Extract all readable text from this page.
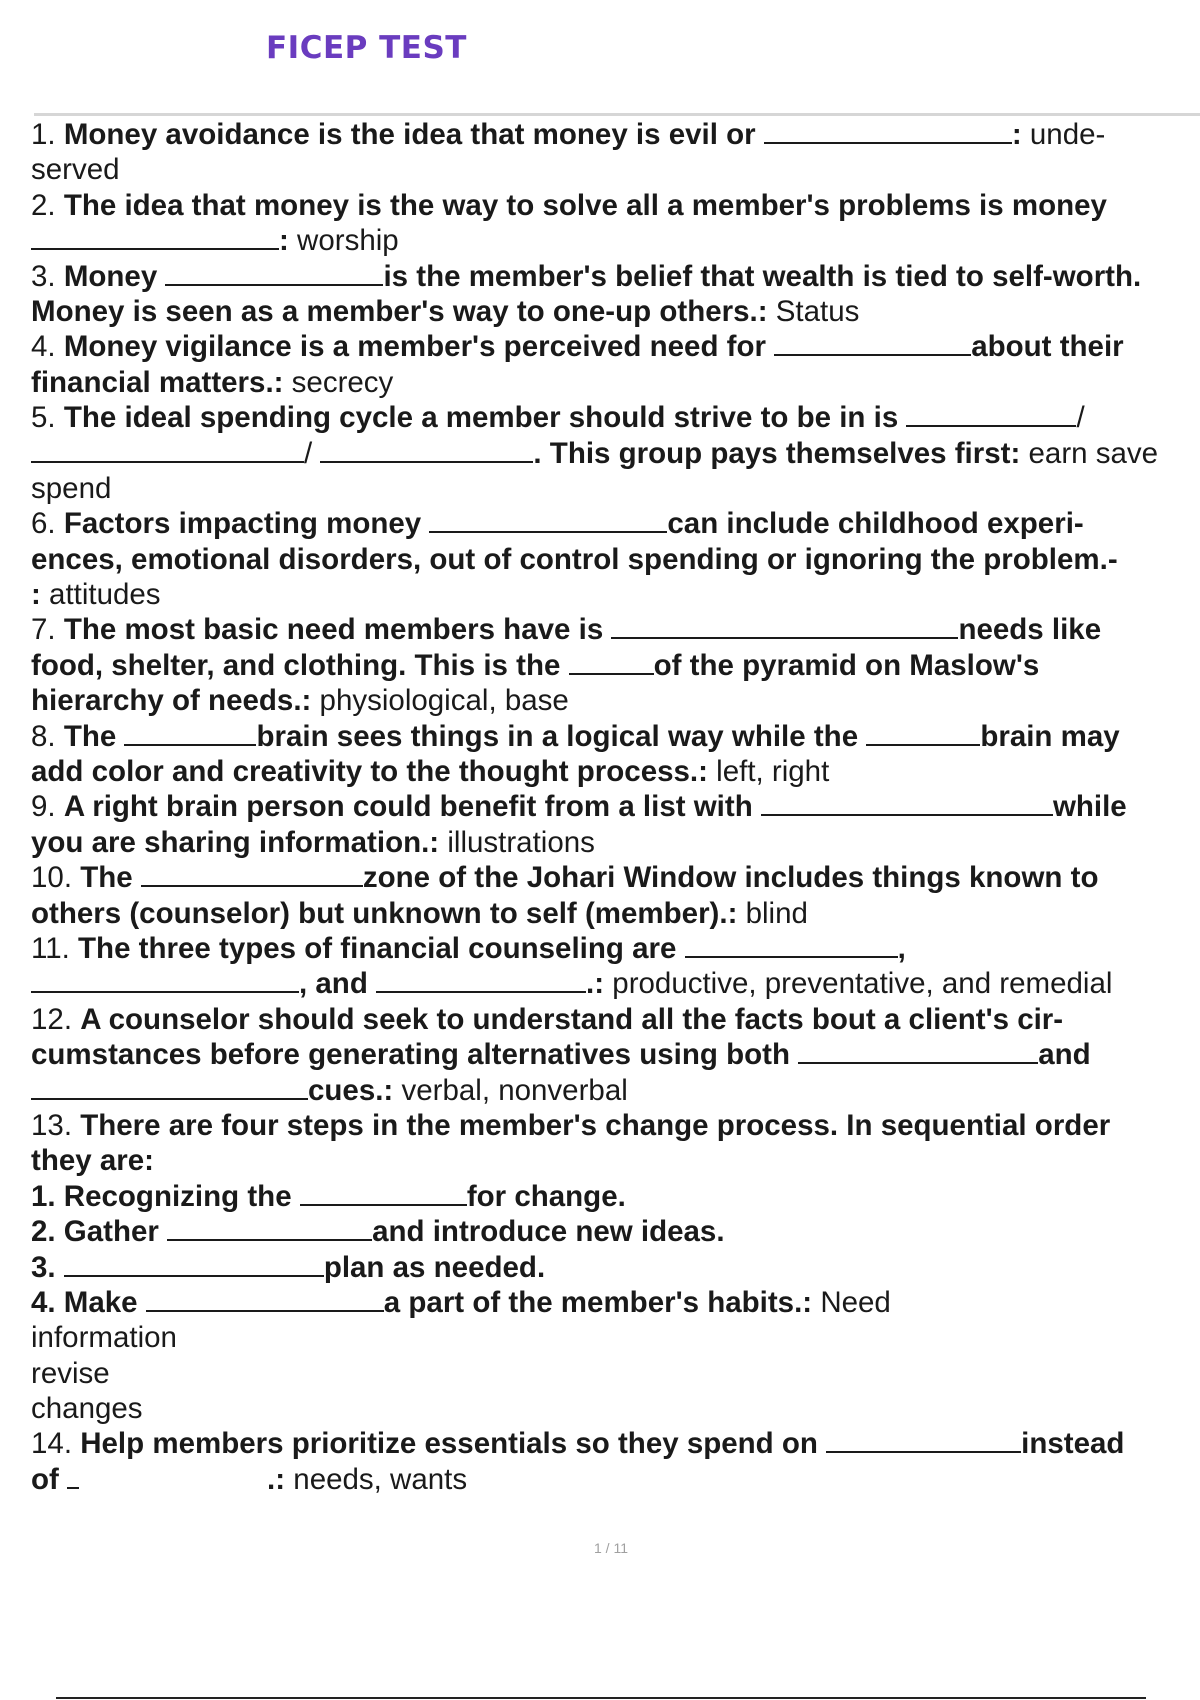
FICEP TEST
1. Money avoidance is the idea that money is evil or	: unde-
served
2. The idea that money is the way to solve all a member's problems is money
: worship
3. Money	is the member's belief that wealth is tied to self-worth.
Money is seen as a member's way to one-up others.: Status
4. Money vigilance is a member's perceived need for	about their
financial matters.: secrecy
5. The ideal spending cycle a member should strive to be in is	/
/	. This group pays themselves first: earn save
spend
6. Factors impacting money	can include childhood experi-
ences, emotional disorders, out of control spending or ignoring the problem.-
: attitudes
7. The most basic need members have is	needs like
food, shelter, and clothing. This is the	of the pyramid on Maslow's
hierarchy of needs.: physiological, base
8. The	brain sees things in a logical way while the	brain may
add color and creativity to the thought process.: left, right
9. A right brain person could benefit from a list with	while
you are sharing information.: illustrations
10. The	zone of the Johari Window includes things known to
others (counselor) but unknown to self (member).: blind
11. The three types of financial counseling are	,
, and	.: productive, preventative, and remedial
12. A counselor should seek to understand all the facts bout a client's cir-
cumstances before generating alternatives using both	and
cues.: verbal, nonverbal
13. There are four steps in the member's change process. In sequential order
they are:
1. Recognizing the	for change.
2. Gather	and introduce new ideas.
3.	plan as needed.
4. Make	a part of the member's habits.: Need
information
revise
changes
14. Help members prioritize essentials so they spend on	instead
of	.: needs, wants
1 / 11
